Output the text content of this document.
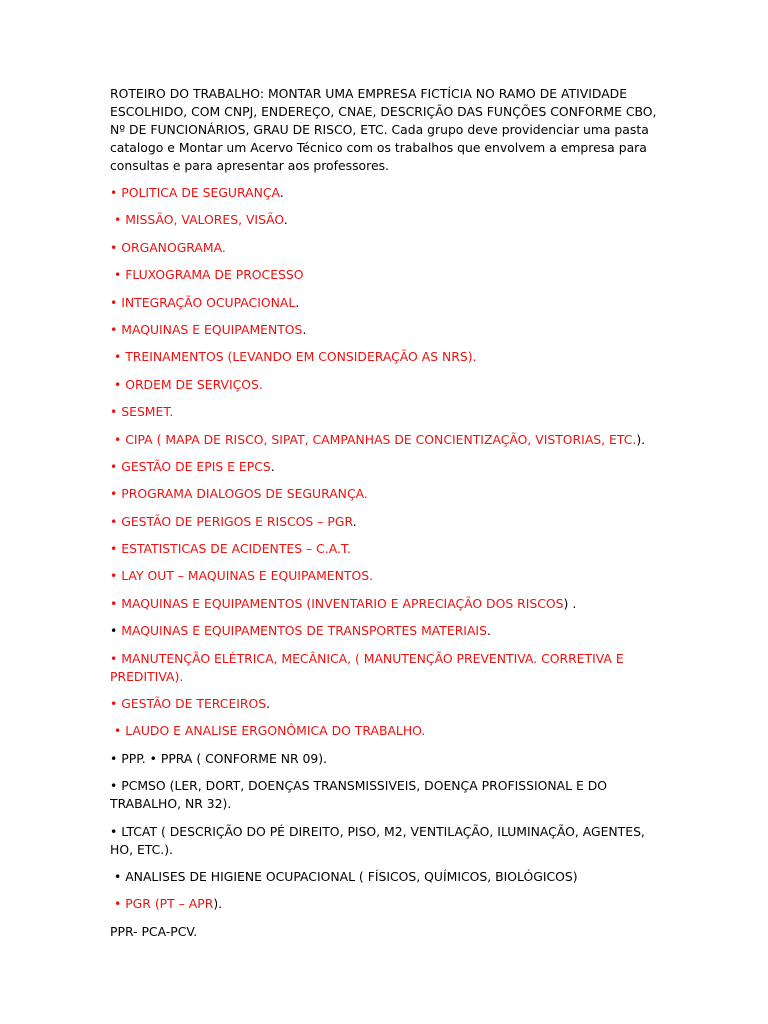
ROTEIRO DO TRABALHO: MONTAR UMA EMPRESA FICTÍCIA NO RAMO DE ATIVIDADE ESCOLHIDO, COM CNPJ, ENDEREÇO, CNAE, DESCRIÇÃO DAS FUNÇÕES CONFORME CBO, Nº DE FUNCIONÁRIOS, GRAU DE RISCO, ETC. Cada grupo deve providenciar uma pasta catalogo e Montar um Acervo Técnico com os trabalhos que envolvem a empresa para consultas e para apresentar aos professores.

• POLITICA DE SEGURANÇA.

• MISSÃO, VALORES, VISÃO.

• ORGANOGRAMA.

• FLUXOGRAMA DE PROCESSO

• INTEGRAÇÃO OCUPACIONAL.

• MAQUINAS E EQUIPAMENTOS.

• TREINAMENTOS (LEVANDO EM CONSIDERAÇÃO AS NRS).

• ORDEM DE SERVIÇOS.

• SESMET.

• CIPA ( MAPA DE RISCO, SIPAT, CAMPANHAS DE CONCIENTIZAÇÃO, VISTORIAS, ETC.).

• GESTÃO DE EPIS E EPCS.

• PROGRAMA DIALOGOS DE SEGURANÇA.

• GESTÃO DE PERIGOS E RISCOS – PGR.

• ESTATISTICAS DE ACIDENTES – C.A.T.

• LAY OUT – MAQUINAS E EQUIPAMENTOS.

• MAQUINAS E EQUIPAMENTOS (INVENTARIO E APRECIAÇÃO DOS RISCOS) .

• MAQUINAS E EQUIPAMENTOS DE TRANSPORTES MATERIAIS.

• MANUTENÇÃO ELÉTRICA, MECÂNICA, ( MANUTENÇÃO PREVENTIVA. CORRETIVA E PREDITIVA).

• GESTÃO DE TERCEIROS.

• LAUDO E ANALISE ERGONÔMICA DO TRABALHO.

• PPP. • PPRA ( CONFORME NR 09).

• PCMSO (LER, DORT, DOENÇAS TRANSMISSIVEIS, DOENÇA PROFISSIONAL E DO TRABALHO, NR 32).

• LTCAT ( DESCRIÇÃO DO PÉ DIREITO, PISO, M2, VENTILAÇÃO, ILUMINAÇÃO, AGENTES, HO, ETC.).

• ANALISES DE HIGIENE OCUPACIONAL ( FÍSICOS, QUÍMICOS, BIOLÓGICOS)

• PGR (PT – APR).

PPR- PCA-PCV.
